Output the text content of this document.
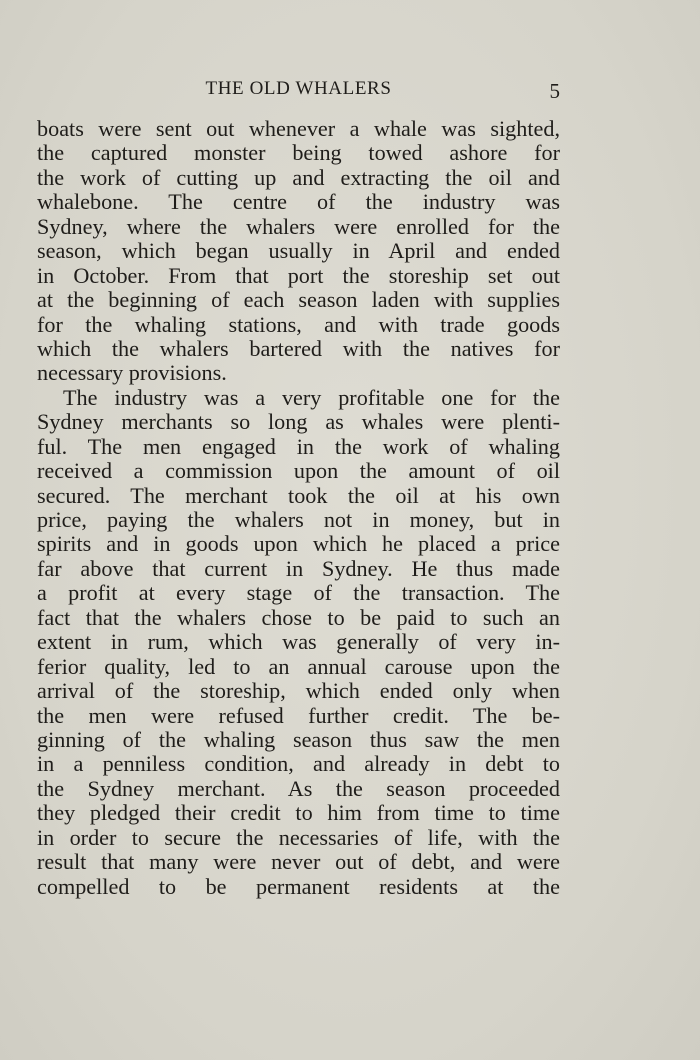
THE OLD WHALERS	5
boats were sent out whenever a whale was sighted,
the captured monster being towed ashore for
the work of cutting up and extracting the oil and
whalebone. The centre of the industry was
Sydney, where the whalers were enrolled for the
season, which began usually in April and ended
in October. From that port the storeship set out
at the beginning of each season laden with supplies
for the whaling stations, and with trade goods
which the whalers bartered with the natives for
necessary provisions.
The industry was a very profitable one for the
Sydney merchants so long as whales were plenti-
ful. The men engaged in the work of whaling
received a commission upon the amount of oil
secured. The merchant took the oil at his own
price, paying the whalers not in money, but in
spirits and in goods upon which he placed a price
far above that current in Sydney. He thus made
a profit at every stage of the transaction. The
fact that the whalers chose to be paid to such an
extent in rum, which was generally of very in-
ferior quality, led to an annual carouse upon the
arrival of the storeship, which ended only when
the men were refused further credit. The be-
ginning of the whaling season thus saw the men
in a penniless condition, and already in debt to
the Sydney merchant. As the season proceeded
they pledged their credit to him from time to time
in order to secure the necessaries of life, with the
result that many were never out of debt, and were
compelled to be permanent residents at the
